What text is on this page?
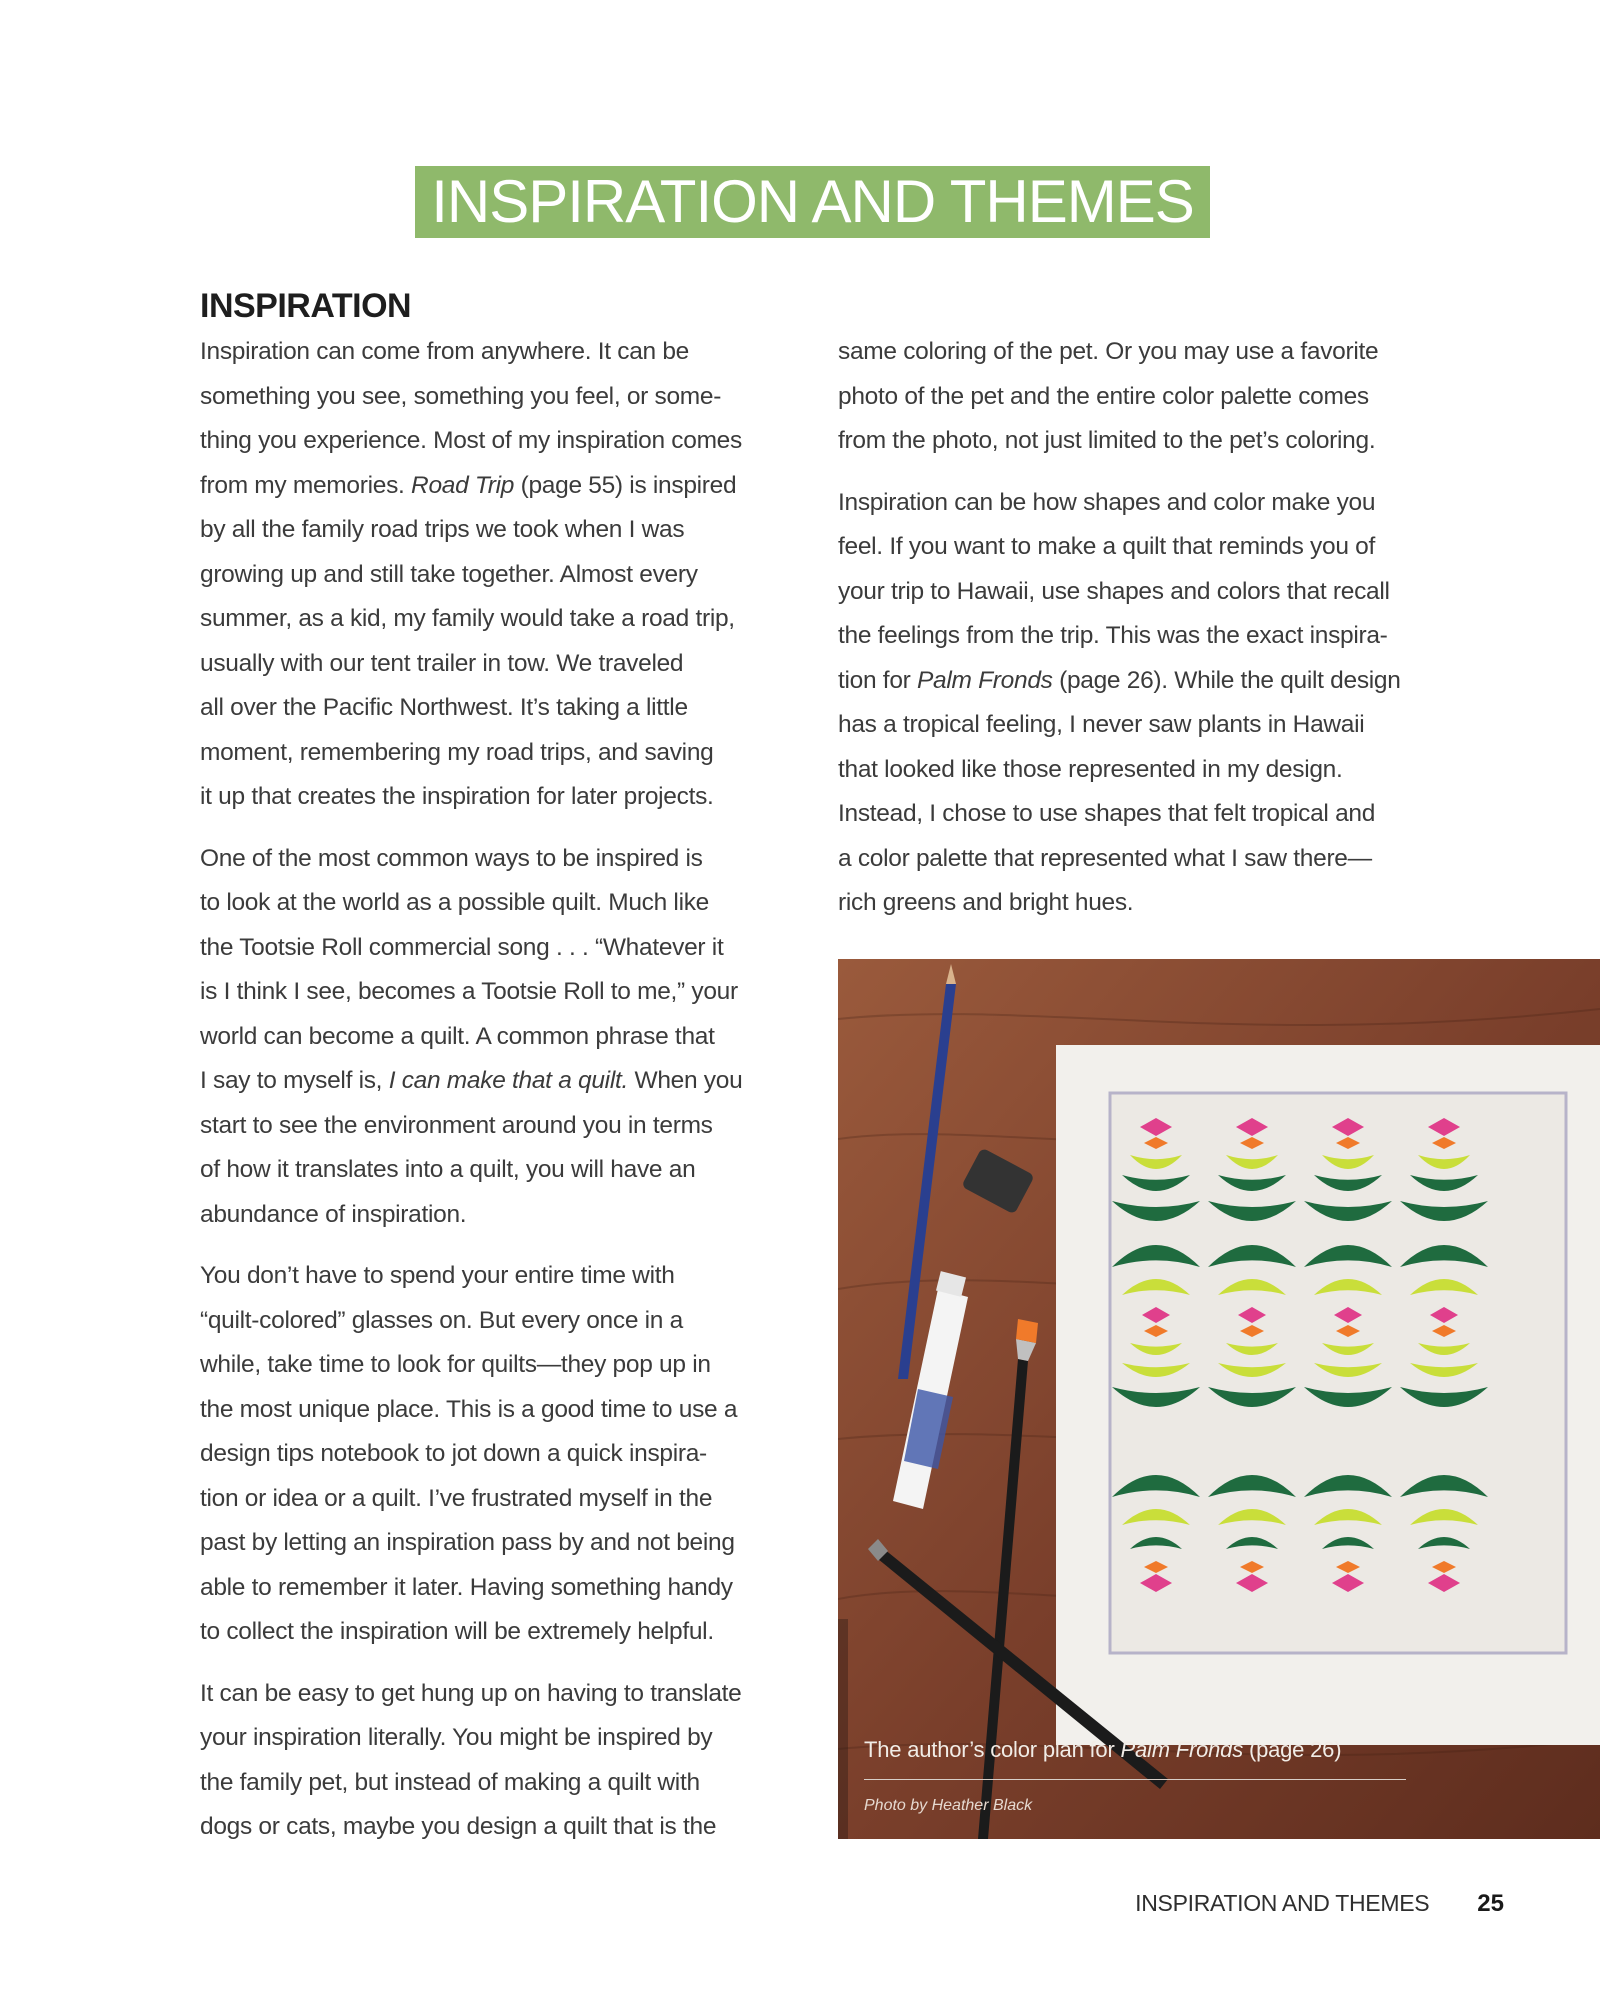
INSPIRATION AND THEMES
INSPIRATION

Inspiration can come from anywhere. It can be
something you see, something you feel, or some-
thing you experience. Most of my inspiration comes
from my memories. Road Trip (page 55) is inspired
by all the family road trips we took when I was
growing up and still take together. Almost every
summer, as a kid, my family would take a road trip,
usually with our tent trailer in tow. We traveled
all over the Pacific Northwest. It’s taking a little
moment, remembering my road trips, and saving
it up that creates the inspiration for later projects.

One of the most common ways to be inspired is
to look at the world as a possible quilt. Much like
the Tootsie Roll commercial song . . . “Whatever it
is I think I see, becomes a Tootsie Roll to me,” your
world can become a quilt. A common phrase that
I say to myself is, I can make that a quilt. When you
start to see the environment around you in terms
of how it translates into a quilt, you will have an
abundance of inspiration.

You don’t have to spend your entire time with
“quilt-colored” glasses on. But every once in a
while, take time to look for quilts—they pop up in
the most unique place. This is a good time to use a
design tips notebook to jot down a quick inspira-
tion or idea or a quilt. I’ve frustrated myself in the
past by letting an inspiration pass by and not being
able to remember it later. Having something handy
to collect the inspiration will be extremely helpful.

It can be easy to get hung up on having to translate
your inspiration literally. You might be inspired by
the family pet, but instead of making a quilt with
dogs or cats, maybe you design a quilt that is the

same coloring of the pet. Or you may use a favorite
photo of the pet and the entire color palette comes
from the photo, not just limited to the pet’s coloring.

Inspiration can be how shapes and color make you
feel. If you want to make a quilt that reminds you of
your trip to Hawaii, use shapes and colors that recall
the feelings from the trip. This was the exact inspira-
tion for Palm Fronds (page 26). While the quilt design
has a tropical feeling, I never saw plants in Hawaii
that looked like those represented in my design.
Instead, I chose to use shapes that felt tropical and
a color palette that represented what I saw there—
rich greens and bright hues.

The author’s color plan for Palm Fronds (page 26)
Photo by Heather Black
INSPIRATION AND THEMES 25
